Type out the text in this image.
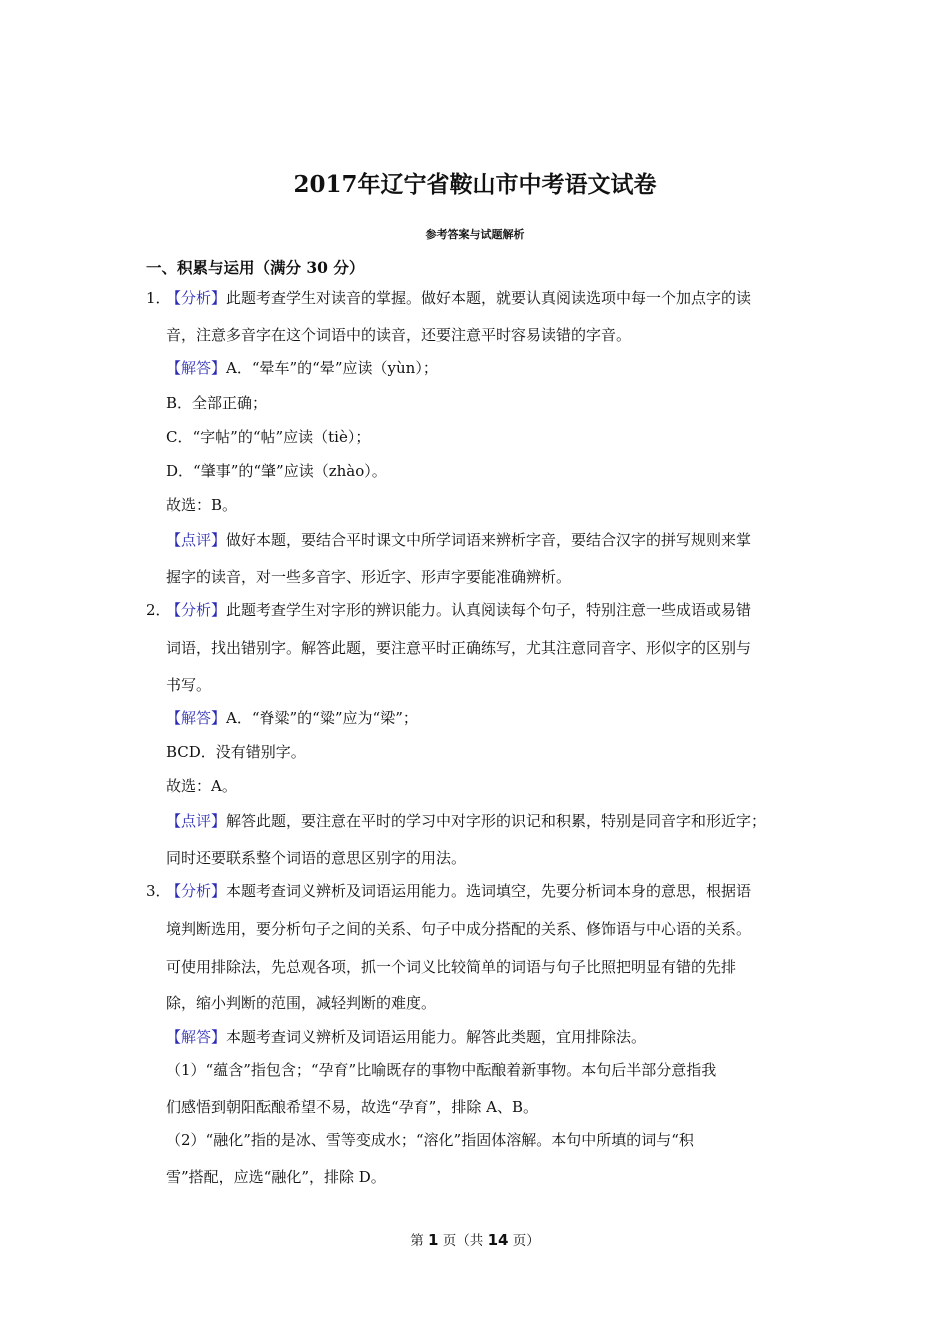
2017年辽宁省鞍山市中考语文试卷
参考答案与试题解析
一、积累与运用（满分 30 分）
1．
【分析】此题考查学生对读音的掌握。做好本题，就要认真阅读选项中每一个加点字的读
音，注意多音字在这个词语中的读音，还要注意平时容易读错的字音。
【解答】A．“晕车”的“晕”应读（yùn）；
B．全部正确；
C．“字帖”的“帖”应读（tiè）；
D．“肇事”的“肇”应读（zhào）。
故选：B。
【点评】做好本题，要结合平时课文中所学词语来辨析字音，要结合汉字的拼写规则来掌
握字的读音，对一些多音字、形近字、形声字要能准确辨析。
2．
【分析】此题考查学生对字形的辨识能力。认真阅读每个句子，特别注意一些成语或易错
词语，找出错别字。解答此题，要注意平时正确练写，尤其注意同音字、形似字的区别与
书写。
【解答】A．“脊粱”的“粱”应为“梁”；
BCD．没有错别字。
故选：A。
【点评】解答此题，要注意在平时的学习中对字形的识记和积累，特别是同音字和形近字；
同时还要联系整个词语的意思区别字的用法。
3．
【分析】本题考查词义辨析及词语运用能力。选词填空，先要分析词本身的意思，根据语
境判断选用，要分析句子之间的关系、句子中成分搭配的关系、修饰语与中心语的关系。
可使用排除法，先总观各项，抓一个词义比较简单的词语与句子比照把明显有错的先排
除，缩小判断的范围，减轻判断的难度。
【解答】本题考查词义辨析及词语运用能力。解答此类题，宜用排除法。
（1）“蕴含”指包含；“孕育”比喻既存的事物中酝酿着新事物。本句后半部分意指我
们感悟到朝阳酝酿希望不易，故选“孕育”，排除 A、B。
（2）“融化”指的是冰、雪等变成水；“溶化”指固体溶解。本句中所填的词与“积
雪”搭配，应选“融化”，排除 D。
第 1 页（共 14 页）
